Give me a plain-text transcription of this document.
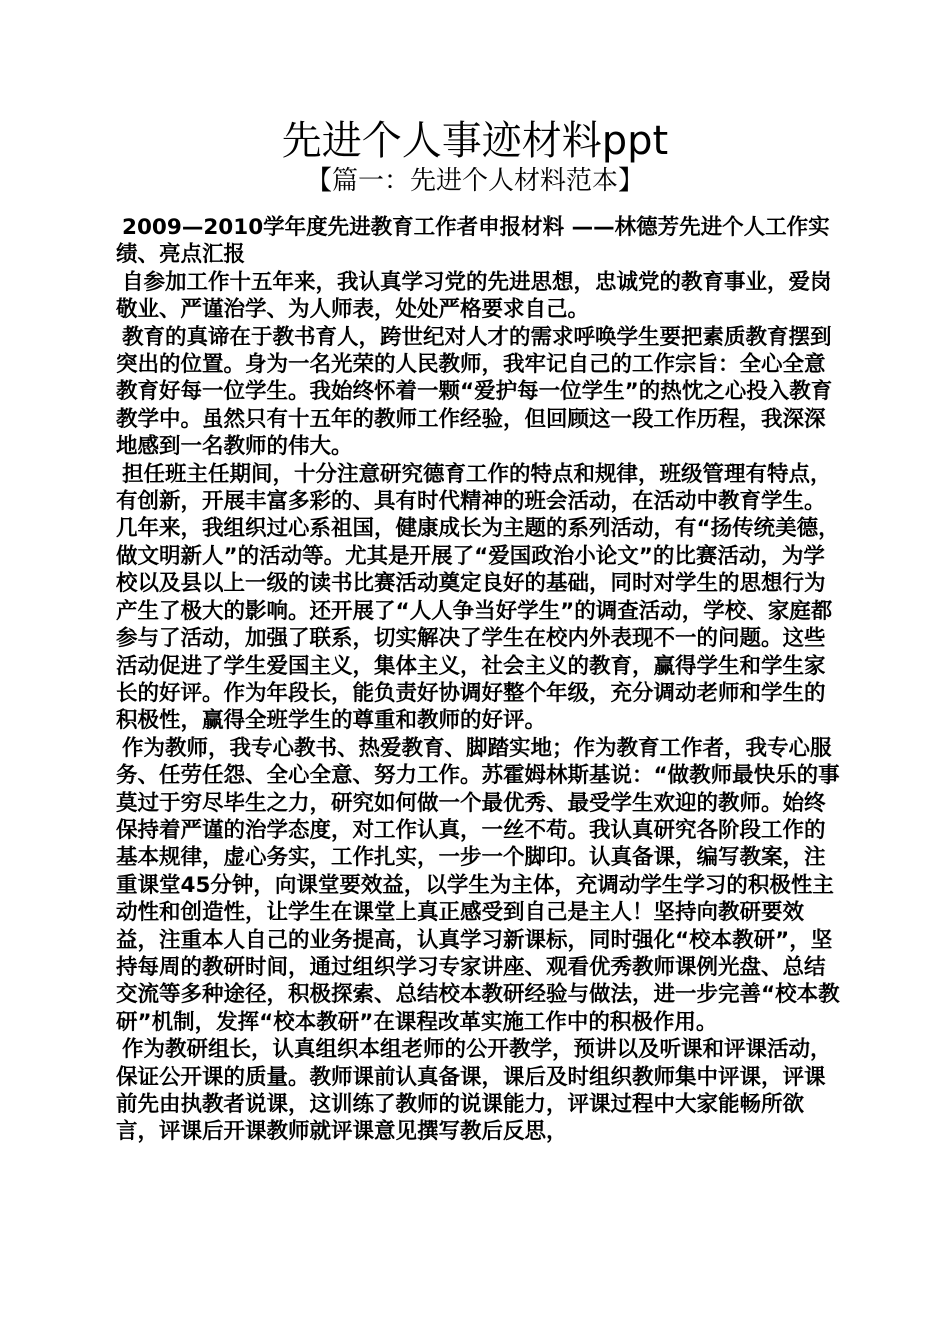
先进个人事迹材料ppt
【篇一：先进个人材料范本】

2009—2010学年度先进教育工作者申报材料 ——林德芳先进个人工作实绩、亮点汇报

自参加工作十五年来，我认真学习党的先进思想，忠诚党的教育事业，爱岗敬业、严谨治学、为人师表，处处严格要求自己。

教育的真谛在于教书育人，跨世纪对人才的需求呼唤学生要把素质教育摆到突出的位置。身为一名光荣的人民教师，我牢记自己的工作宗旨：全心全意教育好每一位学生。我始终怀着一颗“爱护每一位学生”的热忱之心投入教育教学中。虽然只有十五年的教师工作经验，但回顾这一段工作历程，我深深地感到一名教师的伟大。

担任班主任期间，十分注意研究德育工作的特点和规律，班级管理有特点，有创新，开展丰富多彩的、具有时代精神的班会活动，在活动中教育学生。几年来，我组织过心系祖国，健康成长为主题的系列活动，有“扬传统美德，做文明新人”的活动等。尤其是开展了“爱国政治小论文”的比赛活动，为学校以及县以上一级的读书比赛活动奠定良好的基础，同时对学生的思想行为产生了极大的影响。还开展了“人人争当好学生”的调查活动，学校、家庭都参与了活动，加强了联系，切实解决了学生在校内外表现不一的问题。这些活动促进了学生爱国主义，集体主义，社会主义的教育，赢得学生和学生家长的好评。作为年段长，能负责好协调好整个年级，充分调动老师和学生的积极性，赢得全班学生的尊重和教师的好评。

作为教师，我专心教书、热爱教育、脚踏实地；作为教育工作者，我专心服务、任劳任怨、全心全意、努力工作。苏霍姆林斯基说：“做教师最快乐的事莫过于穷尽毕生之力，研究如何做一个最优秀、最受学生欢迎的教师。始终保持着严谨的治学态度，对工作认真，一丝不苟。我认真研究各阶段工作的基本规律，虚心务实，工作扎实，一步一个脚印。认真备课，编写教案，注重课堂45分钟，向课堂要效益，以学生为主体，充调动学生学习的积极性主动性和创造性，让学生在课堂上真正感受到自己是主人！坚持向教研要效益，注重本人自己的业务提高，认真学习新课标，同时强化“校本教研”，坚持每周的教研时间，通过组织学习专家讲座、观看优秀教师课例光盘、总结交流等多种途径，积极探索、总结校本教研经验与做法，进一步完善“校本教研”机制，发挥“校本教研”在课程改革实施工作中的积极作用。

作为教研组长，认真组织本组老师的公开教学，预讲以及听课和评课活动，保证公开课的质量。教师课前认真备课，课后及时组织教师集中评课，评课前先由执教者说课，这训练了教师的说课能力，评课过程中大家能畅所欲言，评课后开课教师就评课意见撰写教后反思，
